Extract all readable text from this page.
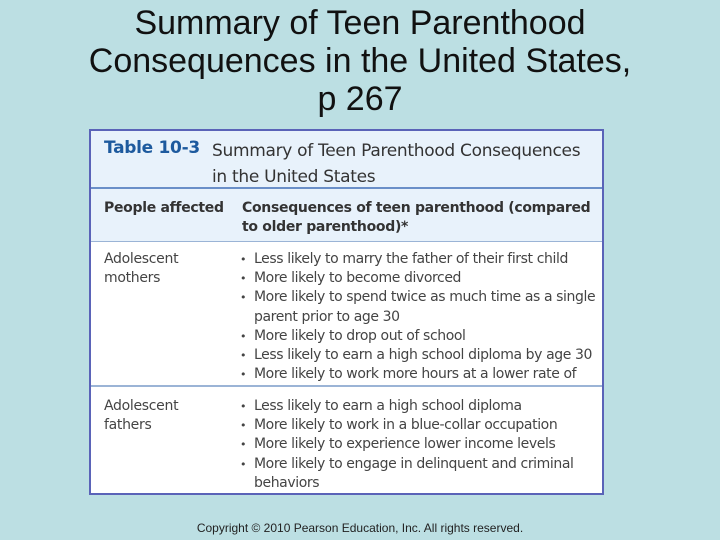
Summary of Teen Parenthood
Consequences in the United States,
p 267
Table 10-3 Summary of Teen Parenthood Consequences in the United States
People affected Consequences of teen parenthood (compared to older parenthood)*
Adolescent mothers
• Less likely to marry the father of their first child
• More likely to become divorced
• More likely to spend twice as much time as a single parent prior to age 30
• More likely to drop out of school
• Less likely to earn a high school diploma by age 30
• More likely to work more hours at a lower rate of
Adolescent fathers
• Less likely to earn a high school diploma
• More likely to work in a blue-collar occupation
• More likely to experience lower income levels
• More likely to engage in delinquent and criminal behaviors
Copyright © 2010 Pearson Education, Inc. All rights reserved.
